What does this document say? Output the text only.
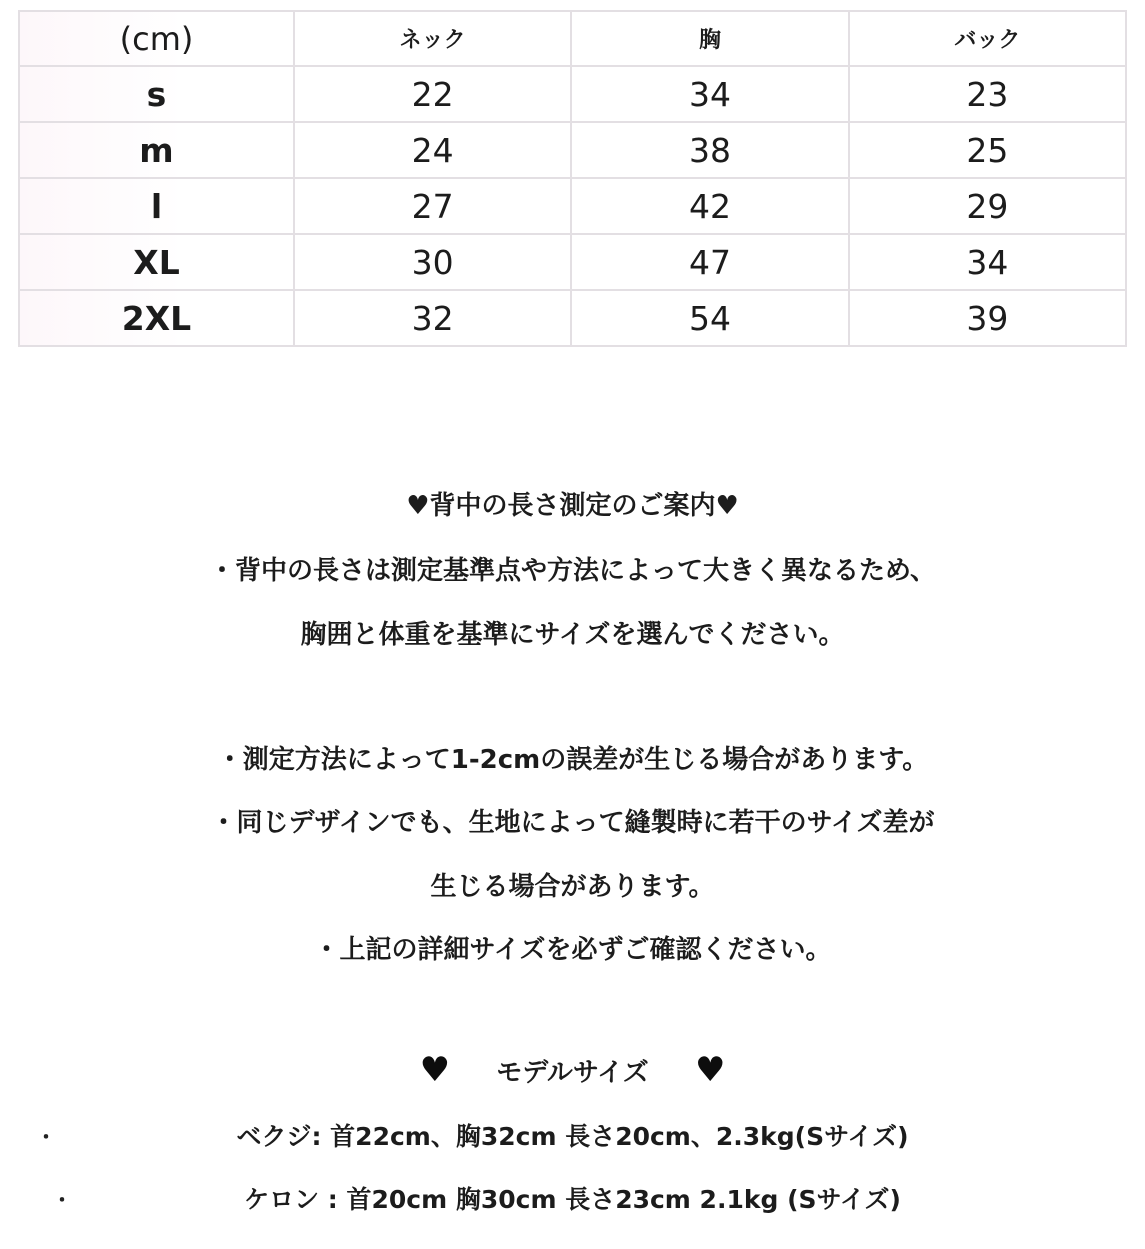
(cm)	ネック	胸	バック
s	22	34	23
m	24	38	25
l	27	42	29
XL	30	47	34
2XL	32	54	39
♥背中の長さ測定のご案内♥
・背中の長さは測定基準点や方法によって大きく異なるため、
胸囲と体重を基準にサイズを選んでください。
・測定方法によって1-2cmの誤差が生じる場合があります。
・同じデザインでも、生地によって縫製時に若干のサイズ差が
生じる場合があります。
・上記の詳細サイズを必ずご確認ください。
♥ モデルサイズ ♥
・	ベクジ: 首22cm、胸32cm 長さ20cm、2.3kg(Sサイズ)
・	ケロン : 首20cm 胸30cm 長さ23cm 2.1kg (Sサイズ)
